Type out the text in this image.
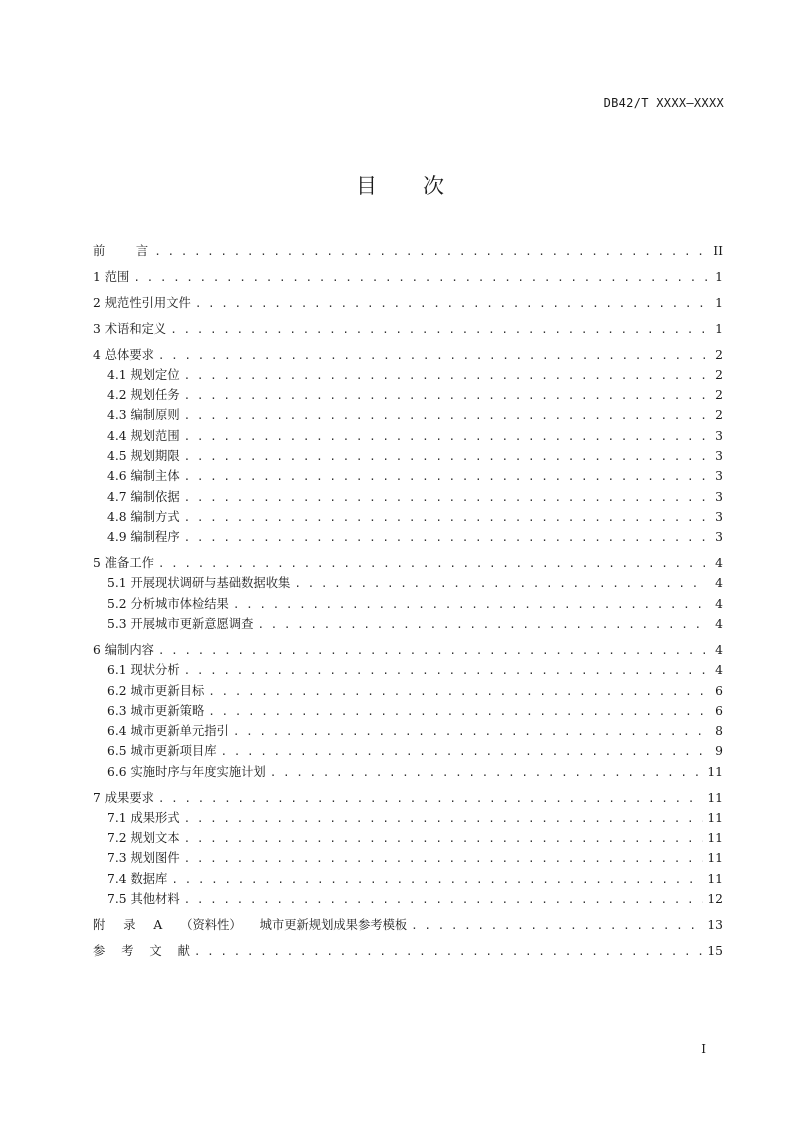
DB42/T XXXX—XXXX
目次
前　　言 . . .	II
1 范围 . . .	1
2 规范性引用文件 . . .	1
3 术语和定义 . . .	1
4 总体要求 . . .	2
4.1 规划定位 . . .	2
4.2 规划任务 . . .	2
4.3 编制原则 . . .	2
4.4 规划范围 . . .	3
4.5 规划期限 . . .	3
4.6 编制主体 . . .	3
4.7 编制依据 . . .	3
4.8 编制方式 . . .	3
4.9 编制程序 . . .	3
5 准备工作 . . .	4
5.1 开展现状调研与基础数据收集 . . .	4
5.2 分析城市体检结果 . . .	4
5.3 开展城市更新意愿调查 . . .	4
6 编制内容 . . .	4
6.1 现状分析 . . .	4
6.2 城市更新目标 . . .	6
6.3 城市更新策略 . . .	6
6.4 城市更新单元指引 . . .	8
6.5 城市更新项目库 . . .	9
6.6 实施时序与年度实施计划 . . .	11
7 成果要求 . . .	11
7.1 成果形式 . . .	11
7.2 规划文本 . . .	11
7.3 规划图件 . . .	11
7.4 数据库 . . .	11
7.5 其他材料 . . .	12
附 录 A （资料性） 城市更新规划成果参考模板 . . .	13
参 考 文 献 . . .	15
I
